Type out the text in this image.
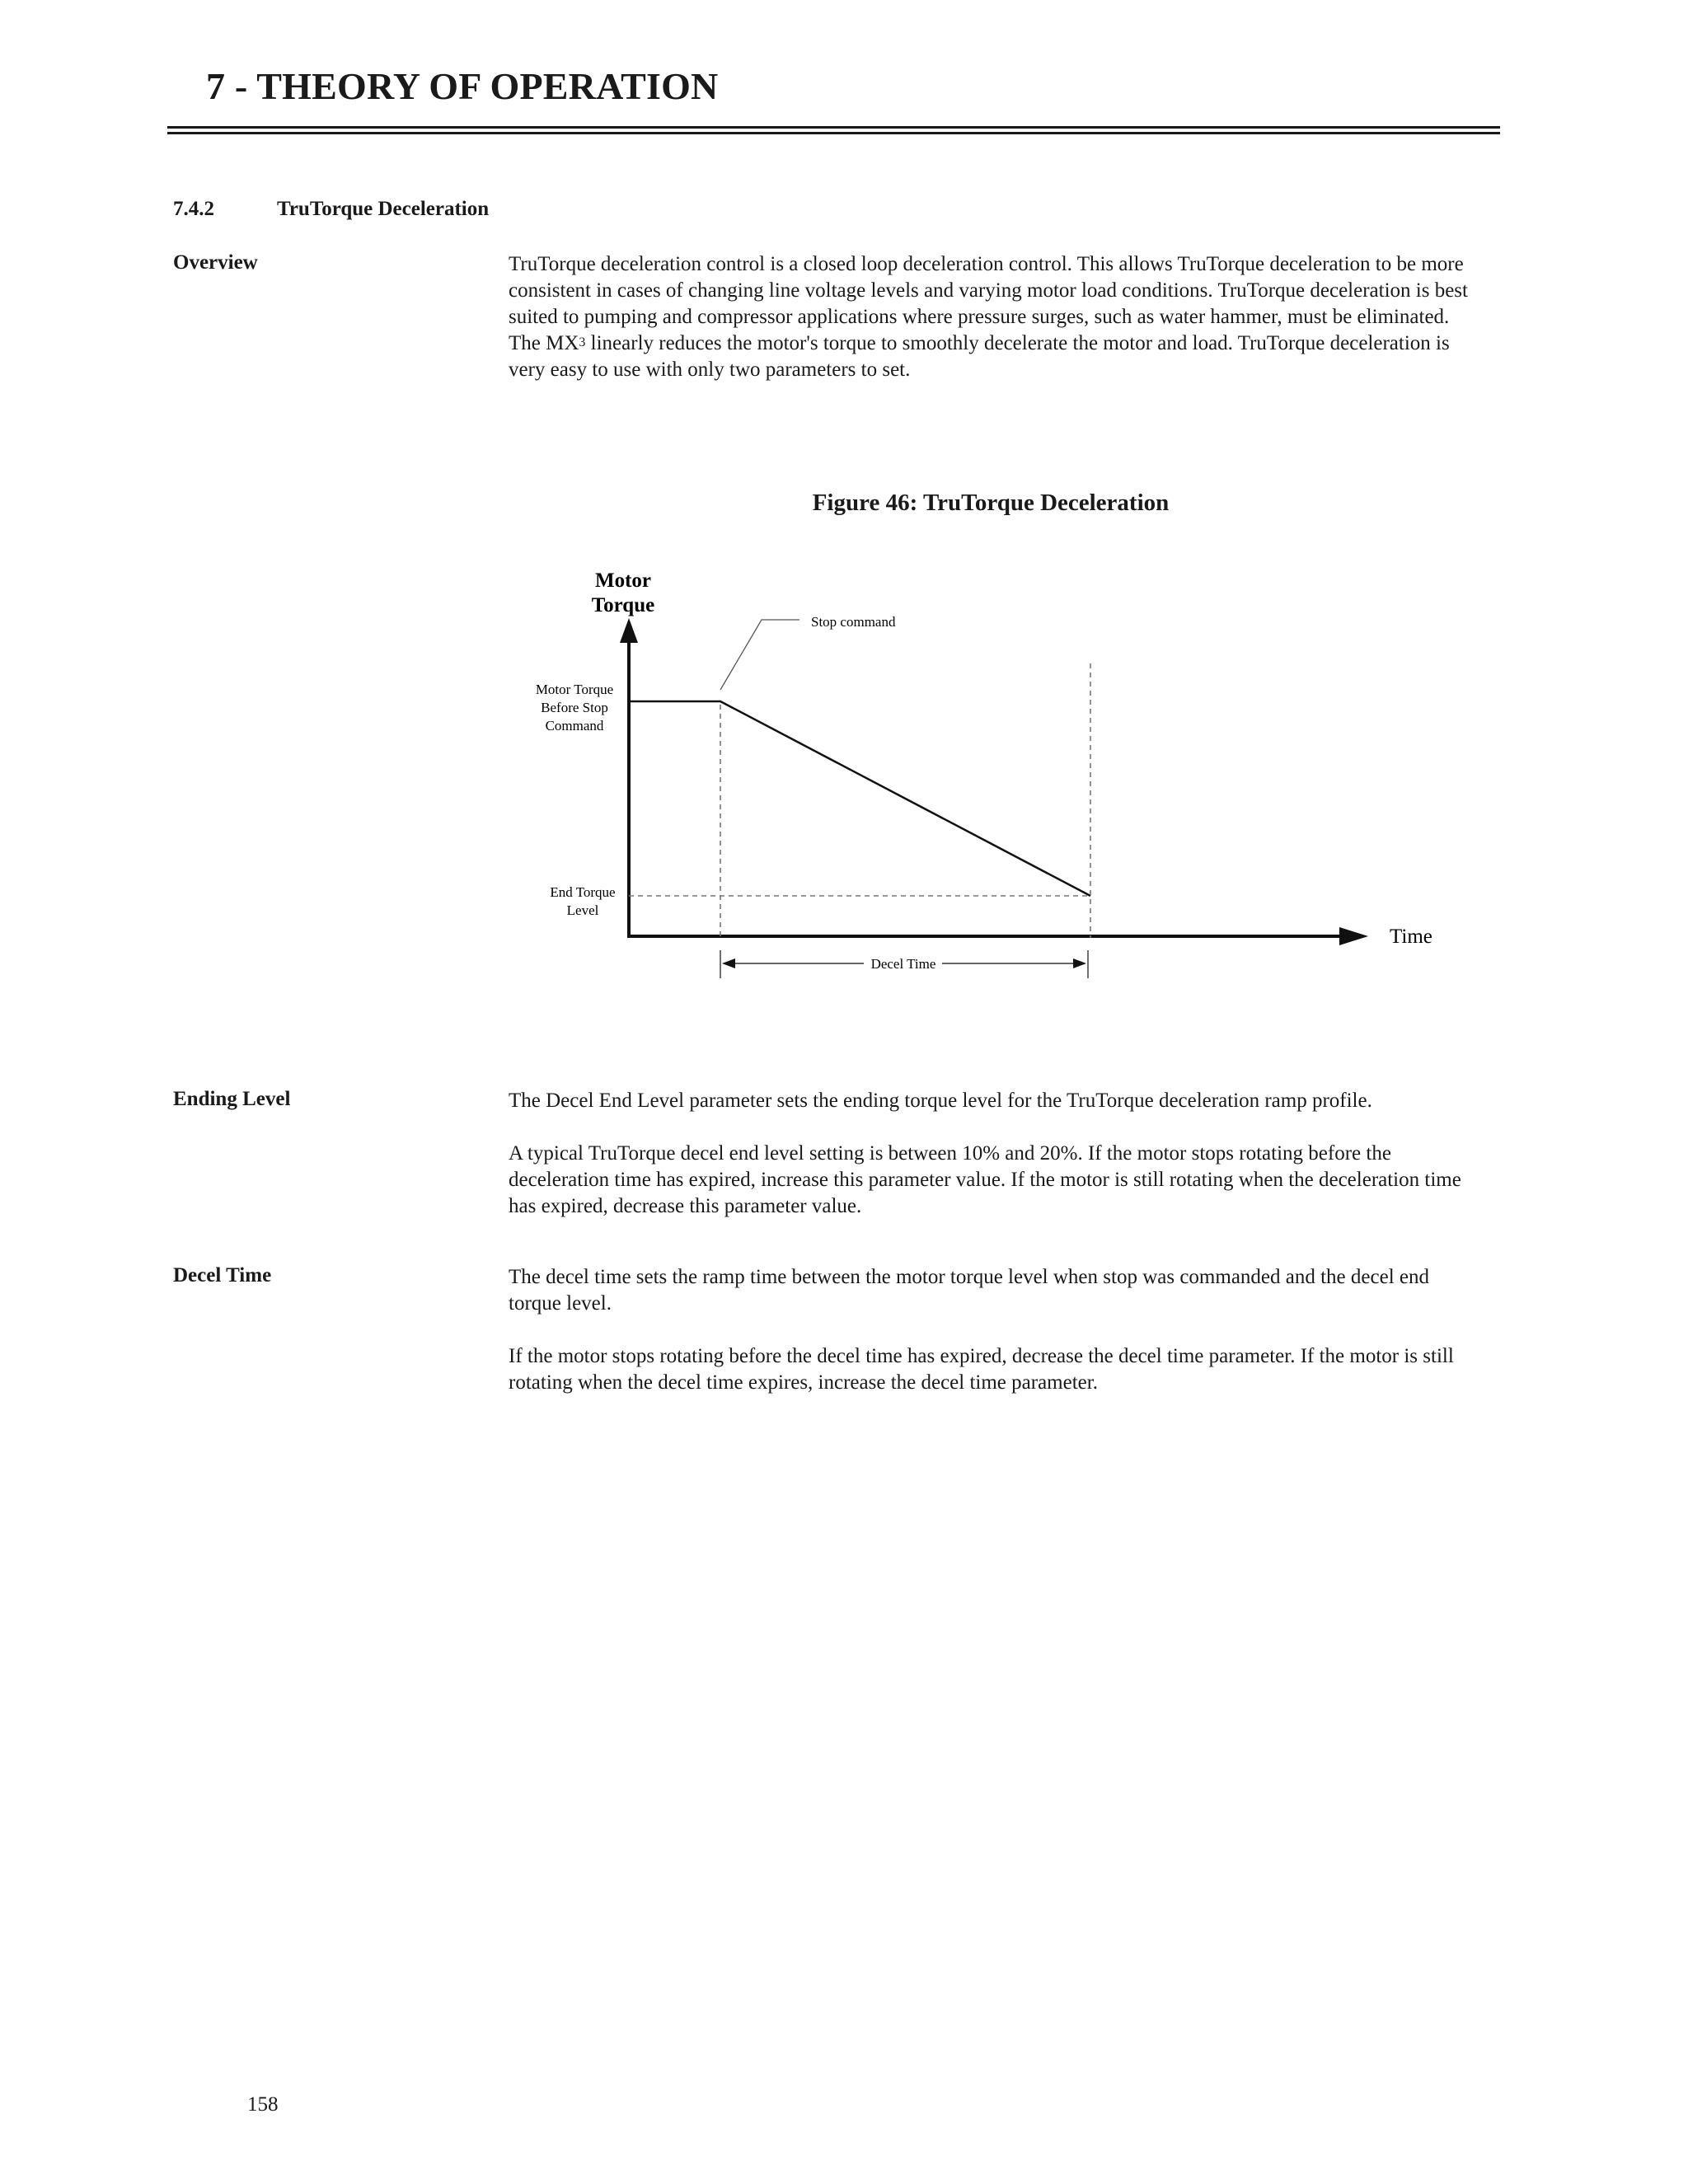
7 - THEORY OF OPERATION
7.4.2	TruTorque Deceleration
Overview	TruTorque deceleration control is a closed loop deceleration control. This allows TruTorque deceleration to be more consistent in cases of changing line voltage levels and varying motor load conditions. TruTorque deceleration is best suited to pumping and compressor applications where pressure surges, such as water hammer, must be eliminated. The $MX^3$ linearly reduces the motor's torque to smoothly decelerate the motor and load. TruTorque deceleration is very easy to use with only two parameters to set.

Figure 46: TruTorque Deceleration
Motor
Torque
Time
Stop command
Motor Torque
Before Stop
Command
End Torque
Level
Decel Time
Ending Level	The Decel End Level parameter sets the ending torque level for the TruTorque deceleration ramp profile.

A typical TruTorque decel end level setting is between 10% and 20%. If the motor stops rotating before the deceleration time has expired, increase this parameter value. If the motor is still rotating when the deceleration time has expired, decrease this parameter value.

Decel Time	The decel time sets the ramp time between the motor torque level when stop was commanded and the decel end torque level.

If the motor stops rotating before the decel time has expired, decrease the decel time parameter. If the motor is still rotating when the decel time expires, increase the decel time parameter.

158
